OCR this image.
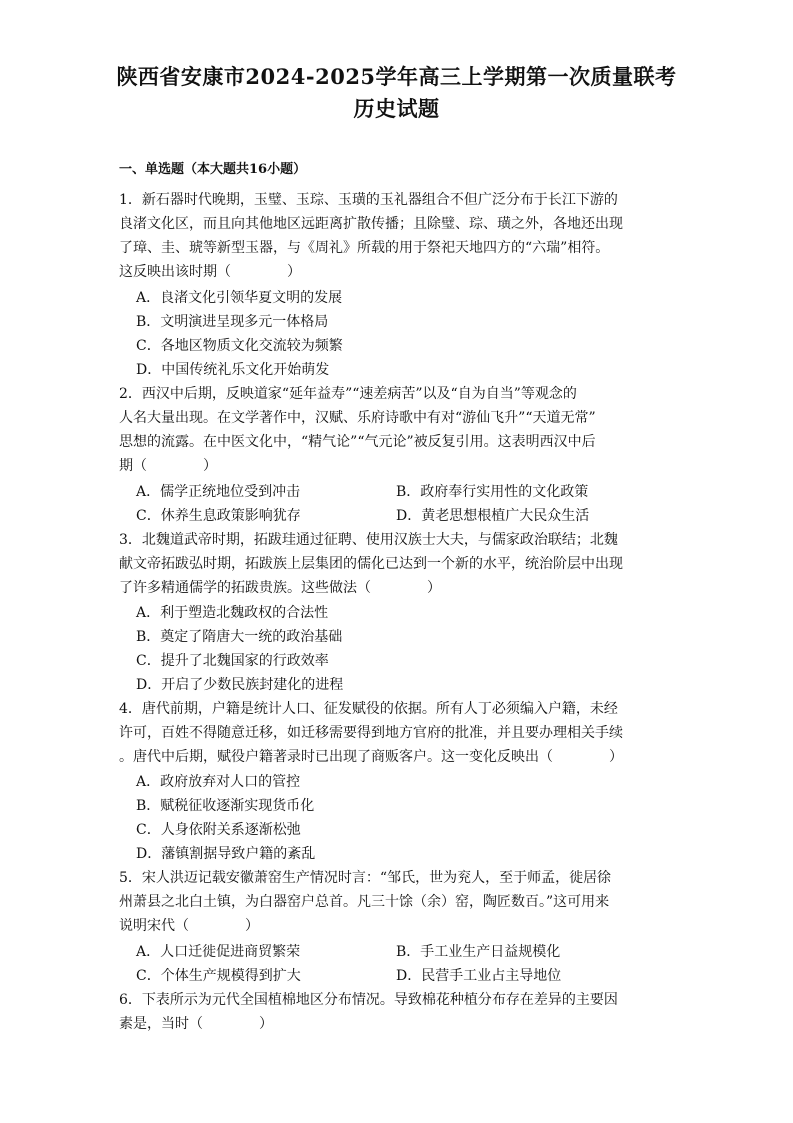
陕西省安康市2024-2025学年高三上学期第一次质量联考
历史试题
一、单选题（本大题共16小题）
1．新石器时代晚期，玉璧、玉琮、玉璜的玉礼器组合不但广泛分布于长江下游的
良渚文化区，而且向其他地区远距离扩散传播；且除璧、琮、璜之外，各地还出现
了璋、圭、琥等新型玉器，与《周礼》所载的用于祭祀天地四方的“六瑞”相符。
这反映出该时期（　　　　）
A．良渚文化引领华夏文明的发展
B．文明演进呈现多元一体格局
C．各地区物质文化交流较为频繁
D．中国传统礼乐文化开始萌发
2．西汉中后期，反映道家“延年益寿”“速差病苦”以及“自为自当”等观念的
人名大量出现。在文学著作中，汉赋、乐府诗歌中有对“游仙飞升”“天道无常”
思想的流露。在中医文化中，“精气论”“气元论”被反复引用。这表明西汉中后
期（　　　　）
A．儒学正统地位受到冲击	B．政府奉行实用性的文化政策
C．休养生息政策影响犹存	D．黄老思想根植广大民众生活
3．北魏道武帝时期，拓跋珪通过征聘、使用汉族士大夫，与儒家政治联结；北魏
献文帝拓跋弘时期，拓跋族上层集团的儒化已达到一个新的水平，统治阶层中出现
了许多精通儒学的拓跋贵族。这些做法（　　　　）
A．利于塑造北魏政权的合法性
B．奠定了隋唐大一统的政治基础
C．提升了北魏国家的行政效率
D．开启了少数民族封建化的进程
4．唐代前期，户籍是统计人口、征发赋役的依据。所有人丁必须编入户籍，未经
许可，百姓不得随意迁移，如迁移需要得到地方官府的批准，并且要办理相关手续
。唐代中后期，赋役户籍著录时已出现了商贩客户。这一变化反映出（　　　　）
A．政府放弃对人口的管控
B．赋税征收逐渐实现货币化
C．人身依附关系逐渐松弛
D．藩镇割据导致户籍的紊乱
5．宋人洪迈记载安徽萧窑生产情况时言：“邹氏，世为兖人，至于师孟，徙居徐
州萧县之北白土镇，为白器窑户总首。凡三十馀（余）窑，陶匠数百。”这可用来
说明宋代（　　　　）
A．人口迁徙促进商贸繁荣	B．手工业生产日益规模化
C．个体生产规模得到扩大	D．民营手工业占主导地位
6．下表所示为元代全国植棉地区分布情况。导致棉花种植分布存在差异的主要因
素是，当时（　　　　）
